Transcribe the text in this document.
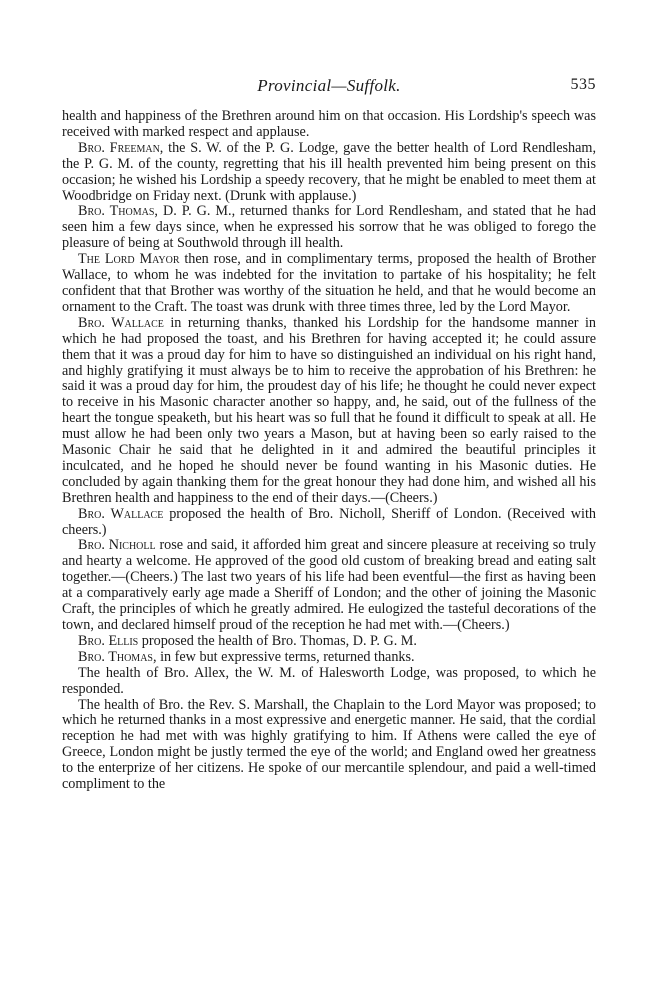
Provincial—Suffolk.	535

health and happiness of the Brethren around him on that occasion. His Lordship's speech was received with marked respect and applause.

Bro. Freeman, the S. W. of the P. G. Lodge, gave the better health of Lord Rendlesham, the P. G. M. of the county, regretting that his ill health prevented him being present on this occasion; he wished his Lordship a speedy recovery, that he might be enabled to meet them at Woodbridge on Friday next. (Drunk with applause.)

Bro. Thomas, D. P. G. M., returned thanks for Lord Rendlesham, and stated that he had seen him a few days since, when he expressed his sorrow that he was obliged to forego the pleasure of being at Southwold through ill health.

The Lord Mayor then rose, and in complimentary terms, proposed the health of Brother Wallace, to whom he was indebted for the invitation to partake of his hospitality; he felt confident that that Brother was worthy of the situation he held, and that he would become an ornament to the Craft. The toast was drunk with three times three, led by the Lord Mayor.

Bro. Wallace in returning thanks, thanked his Lordship for the handsome manner in which he had proposed the toast, and his Brethren for having accepted it; he could assure them that it was a proud day for him to have so distinguished an individual on his right hand, and highly gratifying it must always be to him to receive the approbation of his Brethren: he said it was a proud day for him, the proudest day of his life; he thought he could never expect to receive in his Masonic character another so happy, and, he said, out of the fullness of the heart the tongue speaketh, but his heart was so full that he found it difficult to speak at all. He must allow he had been only two years a Mason, but at having been so early raised to the Masonic Chair he said that he delighted in it and admired the beautiful principles it inculcated, and he hoped he should never be found wanting in his Masonic duties. He concluded by again thanking them for the great honour they had done him, and wished all his Brethren health and happiness to the end of their days.—(Cheers.)

Bro. Wallace proposed the health of Bro. Nicholl, Sheriff of London. (Received with cheers.)

Bro. Nicholl rose and said, it afforded him great and sincere pleasure at receiving so truly and hearty a welcome. He approved of the good old custom of breaking bread and eating salt together.—(Cheers.) The last two years of his life had been eventful—the first as having been at a comparatively early age made a Sheriff of London; and the other of joining the Masonic Craft, the principles of which he greatly admired. He eulogized the tasteful decorations of the town, and declared himself proud of the reception he had met with.—(Cheers.)

Bro. Ellis proposed the health of Bro. Thomas, D. P. G. M.

Bro. Thomas, in few but expressive terms, returned thanks.

The health of Bro. Allex, the W. M. of Halesworth Lodge, was proposed, to which he responded.

The health of Bro. the Rev. S. Marshall, the Chaplain to the Lord Mayor was proposed; to which he returned thanks in a most expressive and energetic manner. He said, that the cordial reception he had met with was highly gratifying to him. If Athens were called the eye of Greece, London might be justly termed the eye of the world; and England owed her greatness to the enterprize of her citizens. He spoke of our mercantile splendour, and paid a well-timed compliment to the
